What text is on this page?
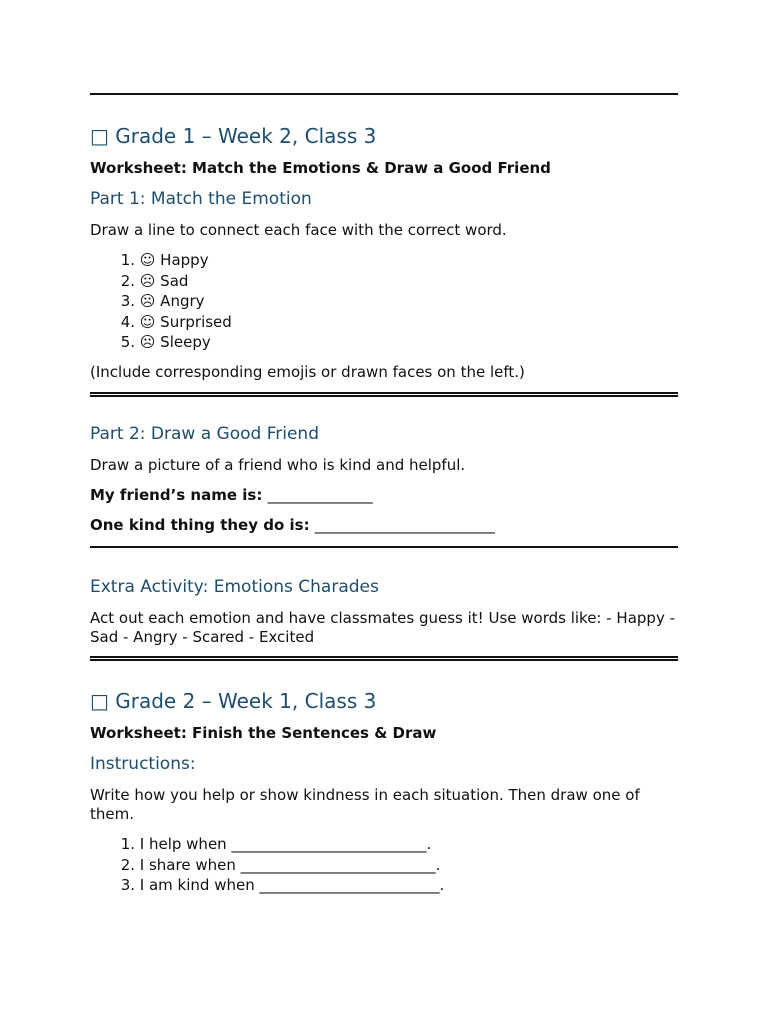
□ Grade 1 – Week 2, Class 3
Worksheet: Match the Emotions & Draw a Good Friend
Part 1: Match the Emotion
Draw a line to connect each face with the correct word.
1. ☺ Happy
2. ☹ Sad
3. ☹ Angry
4. ☺ Surprised
5. ☹ Sleepy
(Include corresponding emojis or drawn faces on the left.)
Part 2: Draw a Good Friend
Draw a picture of a friend who is kind and helpful.
My friend’s name is: ______________
One kind thing they do is: ________________________
Extra Activity: Emotions Charades
Act out each emotion and have classmates guess it! Use words like: - Happy - Sad - Angry - Scared - Excited
□ Grade 2 – Week 1, Class 3
Worksheet: Finish the Sentences & Draw
Instructions:
Write how you help or show kindness in each situation. Then draw one of them.
1. I help when __________________________.
2. I share when __________________________.
3. I am kind when ________________________.
